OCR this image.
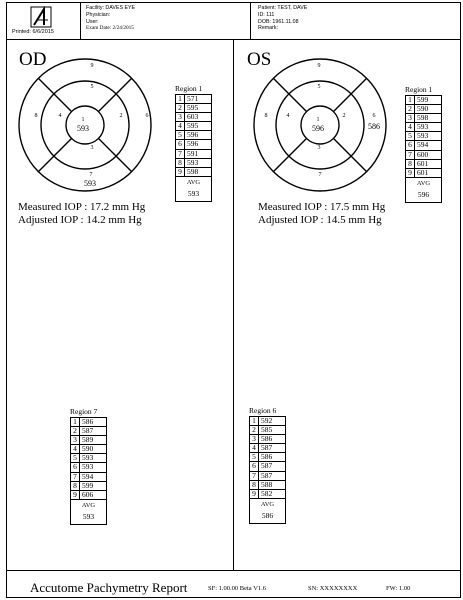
Printed: 6/6/2015
Facility: DAVES EYE
Physician:
User:
Exam Date: 2/24/2015
Patient: TEST, DAVE
ID: 111
DOB: 1961.11.08
Remark:
OD
1
593
2
3
4
5
6
7
593
8
9
Measured IOP : 17.2 mm Hg
Adjusted IOP : 14.2 mm Hg
Region 1
1 571
2 595
3 603
4 595
5 596
6 596
7 591
8 593
9 598
AVG
593
Region 7
1 586
2 587
3 589
4 590
5 593
6 593
7 594
8 599
9 606
AVG
593
OS
1
596
2
3
4
5
6
586
7
8
9
Measured IOP : 17.5 mm Hg
Adjusted IOP : 14.5 mm Hg
Region 1
1 599
2 590
3 598
4 593
5 593
6 594
7 600
8 601
9 601
AVG
596
Region 6
1 592
2 585
3 586
4 587
5 586
6 587
7 587
8 588
9 582
AVG
586
Accutome Pachymetry Report	SF: 1.00.00 Beta V1.6	SN: XXXXXXXX	FW: 1.00
